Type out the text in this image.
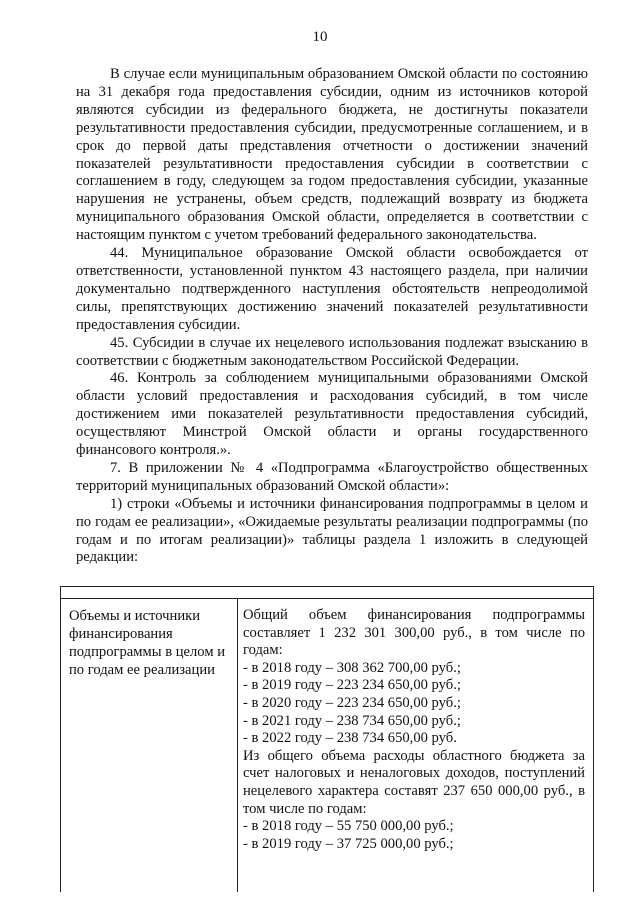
10

В случае если муниципальным образованием Омской области по состоянию на 31 декабря года предоставления субсидии, одним из источников которой являются субсидии из федерального бюджета, не достигнуты показатели результативности предоставления субсидии, предусмотренные соглашением, и в срок до первой даты представления отчетности о достижении значений показателей результативности предоставления субсидии в соответствии с соглашением в году, следующем за годом предоставления субсидии, указанные нарушения не устранены, объем средств, подлежащий возврату из бюджета муниципального образования Омской области, определяется в соответствии с настоящим пунктом с учетом требований федерального законодательства.

44. Муниципальное образование Омской области освобождается от ответственности, установленной пунктом 43 настоящего раздела, при наличии документально подтвержденного наступления обстоятельств непреодолимой силы, препятствующих достижению значений показателей результативности предоставления субсидии.

45. Субсидии в случае их нецелевого использования подлежат взысканию в соответствии с бюджетным законодательством Российской Федерации.

46. Контроль за соблюдением муниципальными образованиями Омской области условий предоставления и расходования субсидий, в том числе достижением ими показателей результативности предоставления субсидий, осуществляют Минстрой Омской области и органы государственного финансового контроля.».

7. В приложении № 4 «Подпрограмма «Благоустройство общественных территорий муниципальных образований Омской области»:

1) строки «Объемы и источники финансирования подпрограммы в целом и по годам ее реализации», «Ожидаемые результаты реализации подпрограммы (по годам и по итогам реализации)» таблицы раздела 1 изложить в следующей редакции:

Объемы и источники финансирования подпрограммы в целом и по годам ее реализации

Общий объем финансирования подпрограммы составляет 1 232 301 300,00 руб., в том числе по годам:

- в 2018 году – 308 362 700,00 руб.;
- в 2019 году – 223 234 650,00 руб.;
- в 2020 году – 223 234 650,00 руб.;
- в 2021 году – 238 734 650,00 руб.;
- в 2022 году – 238 734 650,00 руб.

Из общего объема расходы областного бюджета за счет налоговых и неналоговых доходов, поступлений нецелевого характера составят 237 650 000,00 руб., в том числе по годам:

- в 2018 году – 55 750 000,00 руб.;
- в 2019 году – 37 725 000,00 руб.;
